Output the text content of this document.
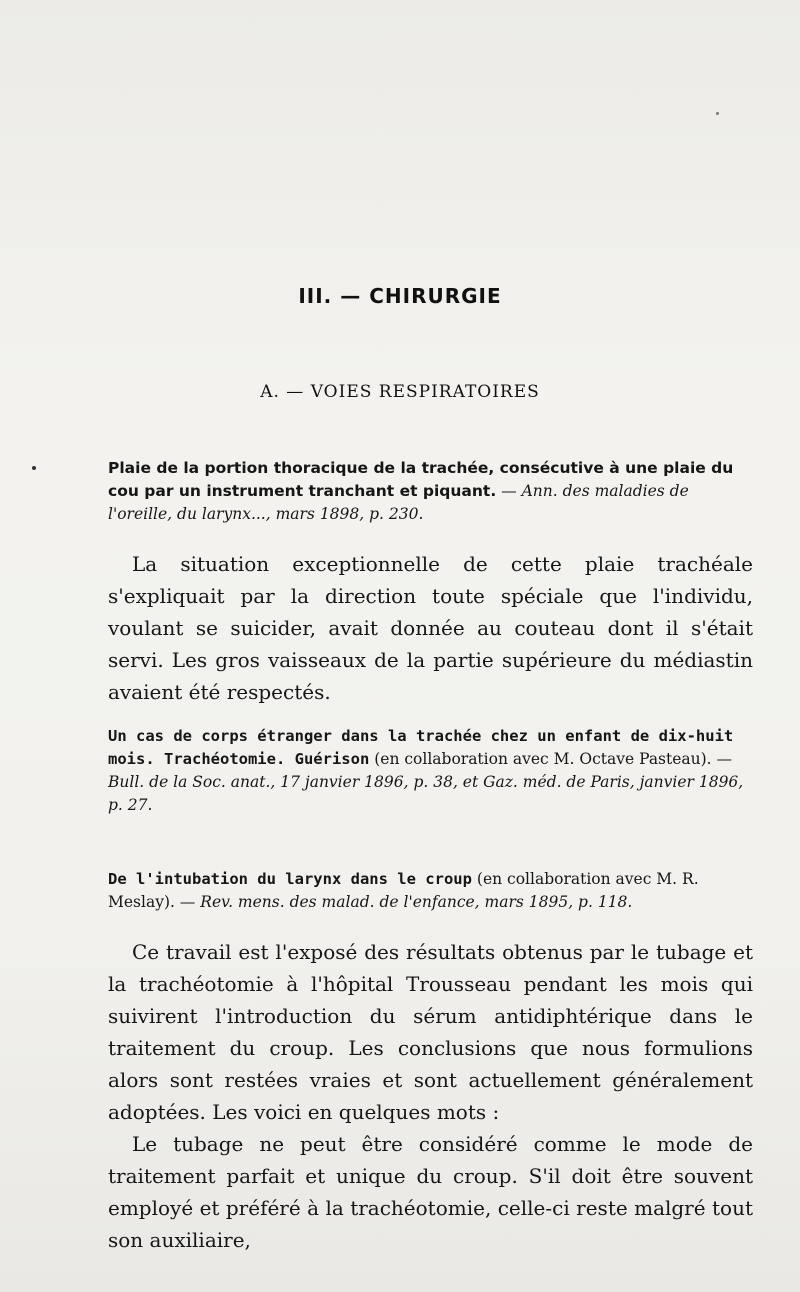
III. — CHIRURGIE
A. — VOIES RESPIRATOIRES
Plaie de la portion thoracique de la trachée, consécutive à une plaie du cou par un instrument tranchant et piquant. — Ann. des maladies de l'oreille, du larynx..., mars 1898, p. 230.
La situation exceptionnelle de cette plaie trachéale s'expliquait par la direction toute spéciale que l'individu, voulant se suicider, avait donnée au couteau dont il s'était servi. Les gros vaisseaux de la partie supérieure du médiastin avaient été respectés.
Un cas de corps étranger dans la trachée chez un enfant de dix-huit mois. Trachéotomie. Guérison (en collaboration avec M. Octave Pasteau). — Bull. de la Soc. anat., 17 janvier 1896, p. 38, et Gaz. méd. de Paris, janvier 1896, p. 27.
De l'intubation du larynx dans le croup (en collaboration avec M. R. Meslay). — Rev. mens. des malad. de l'enfance, mars 1895, p. 118.
Ce travail est l'exposé des résultats obtenus par le tubage et la trachéotomie à l'hôpital Trousseau pendant les mois qui suivirent l'introduction du sérum antidiphtérique dans le traitement du croup. Les conclusions que nous formulions alors sont restées vraies et sont actuellement généralement adoptées. Les voici en quelques mots :
Le tubage ne peut être considéré comme le mode de traitement parfait et unique du croup. S'il doit être souvent employé et préféré à la trachéotomie, celle-ci reste malgré tout son auxiliaire,
